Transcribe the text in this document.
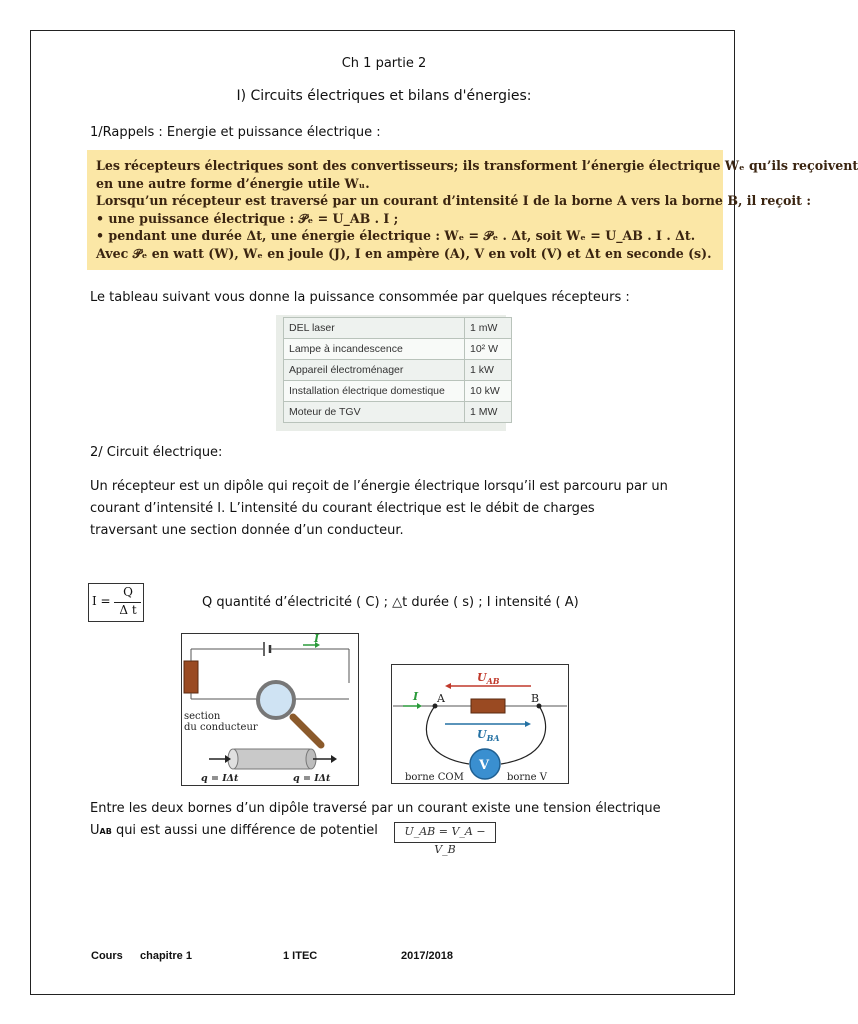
Ch 1 partie 2
I) Circuits électriques et bilans d'énergies:
1/Rappels : Energie et puissance électrique :

Les récepteurs électriques sont des convertisseurs; ils transforment l’énergie électrique Wₑ qu’ils reçoivent

en une autre forme d’énergie utile Wᵤ.

Lorsqu’un récepteur est traversé par un courant d’intensité I de la borne A vers la borne B, il reçoit :

• une puissance électrique : 𝒫ₑ = U_AB . I ;

• pendant une durée Δt, une énergie électrique : Wₑ = 𝒫ₑ . Δt, soit Wₑ = U_AB . I . Δt.

Avec 𝒫ₑ en watt (W), Wₑ en joule (J), I en ampère (A), V en volt (V) et Δt en seconde (s).

Le tableau suivant vous donne la puissance consommée par quelques récepteurs :
DEL laser	1 mW
Lampe à incandescence	10² W
Appareil électroménager	1 kW
Installation électrique domestique	10 kW
Moteur de TGV	1 MW
2/ Circuit électrique:
Un récepteur est un dipôle qui reçoit de l’énergie électrique lorsqu’il est parcouru par un
courant d’intensité I. L’intensité du courant électrique est le débit de charges
traversant une section donnée d’un conducteur.
I =
Q
Δ t	Q quantité d’électricité ( C) ; △t durée ( s) ; I intensité ( A)
I
section
du conducteur
q = IΔt	q = IΔt
A	B
I
$U_{AB}$
$U_{BA}$
V
borne COM	borne V
Entre les deux bornes d’un dipôle traversé par un courant existe une tension électrique
UAB qui est aussi une différence de potentiel	U_AB = V_A − V_B
Cours chapitre 1	1 ITEC	2017/2018
